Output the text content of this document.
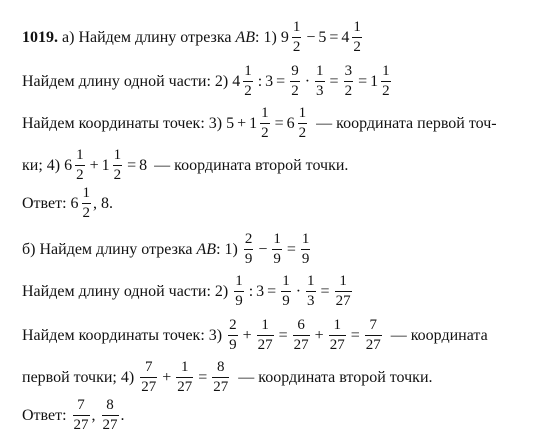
1019. а) Найдем длину отрезка AB : 1) $9 \frac{1}{2} - 5 = 4 \frac{1}{2}$
Найдем длину одной части: 2) $4 \frac{1}{2}$ : $3 = \frac{9}{2} \cdot \frac{1}{3} = \frac{3}{2} = 1 \frac{1}{2}$
Найдем координаты точек: 3) $5 + 1 \frac{1}{2} = 6 \frac{1}{2}$ — координата первой точ-
ки; 4) $6 \frac{1}{2} + 1 \frac{1}{2} = 8$ — координата второй точки.
Ответ: $6 \frac{1}{2}$ , 8.
б) Найдем длину отрезка AB : $1) \frac{2}{9} - \frac{1}{9} = \frac{1}{9}$
Найдем длину одной части: $2) \frac{1}{9}$ : $3 = \frac{1}{9} \cdot \frac{1}{3} = \frac{1}{27}$
Найдем координаты точек: $3) \frac{2}{9} + \frac{1}{27} = \frac{6}{27} + \frac{1}{27} = \frac{7}{27}$ — координата
первой точки; $4) \frac{7}{27} + \frac{1}{27} = \frac{8}{27}$ — координата второй точки.
Ответ: $\frac{7}{27}$ , $\frac{8}{27}$ .
